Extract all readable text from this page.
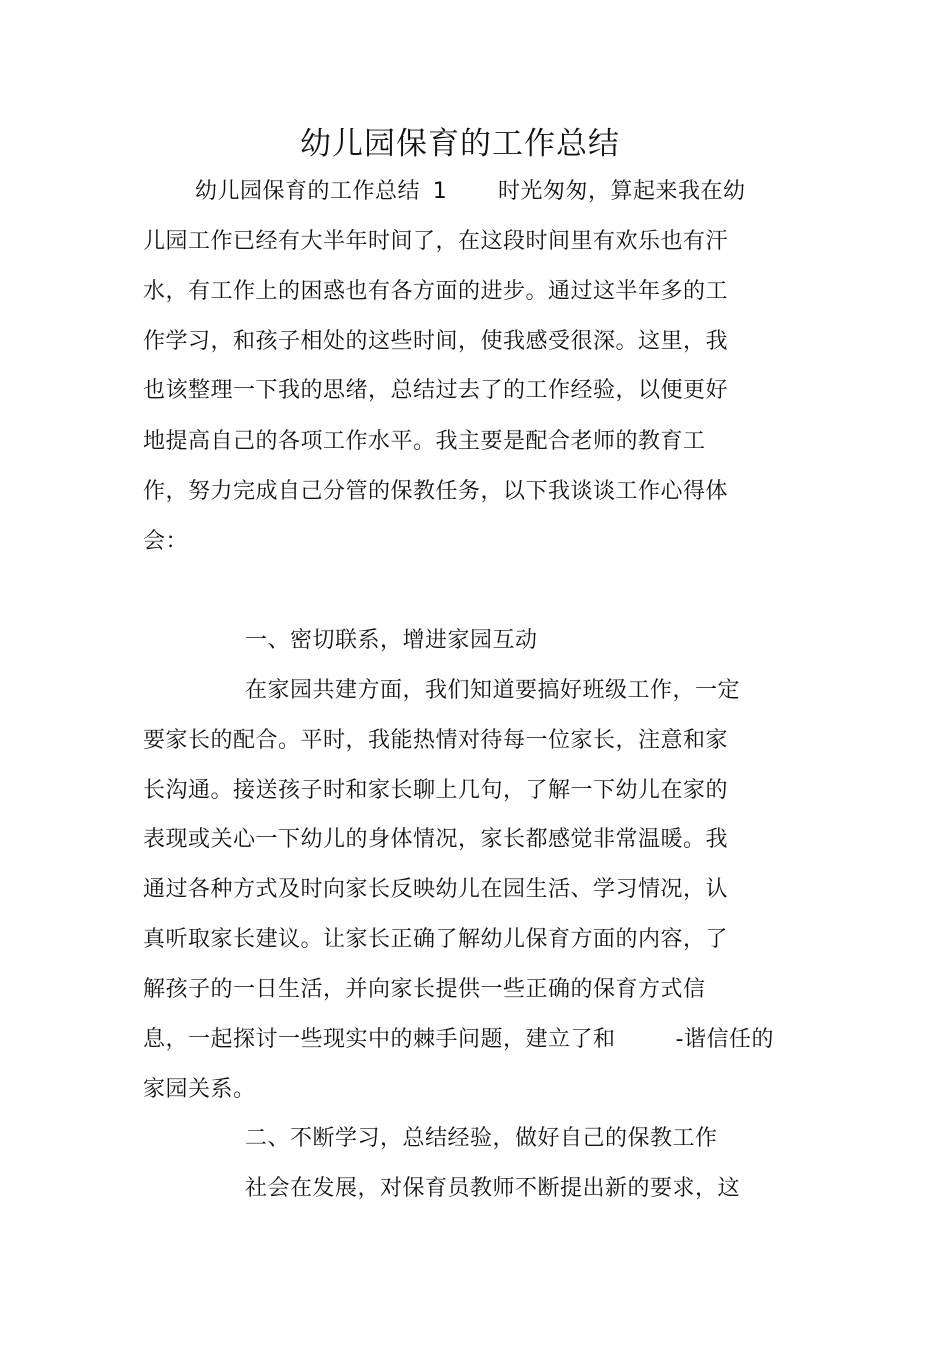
幼儿园保育的工作总结
幼儿园保育的工作总结 1 时光匆匆，算起来我在幼
儿园工作已经有大半年时间了，在这段时间里有欢乐也有汗
水，有工作上的困惑也有各方面的进步。通过这半年多的工
作学习，和孩子相处的这些时间，使我感受很深。这里，我
也该整理一下我的思绪，总结过去了的工作经验，以便更好
地提高自己的各项工作水平。我主要是配合老师的教育工
作，努力完成自己分管的保教任务，以下我谈谈工作心得体
会：
一、密切联系，增进家园互动
在家园共建方面，我们知道要搞好班级工作，一定
要家长的配合。平时，我能热情对待每一位家长，注意和家
长沟通。接送孩子时和家长聊上几句，了解一下幼儿在家的
表现或关心一下幼儿的身体情况，家长都感觉非常温暖。我
通过各种方式及时向家长反映幼儿在园生活、学习情况，认
真听取家长建议。让家长正确了解幼儿保育方面的内容，了
解孩子的一日生活，并向家长提供一些正确的保育方式信
息，一起探讨一些现实中的棘手问题，建立了和	-谐信任的
家园关系。
二、不断学习，总结经验，做好自己的保教工作
社会在发展，对保育员教师不断提出新的要求，这
